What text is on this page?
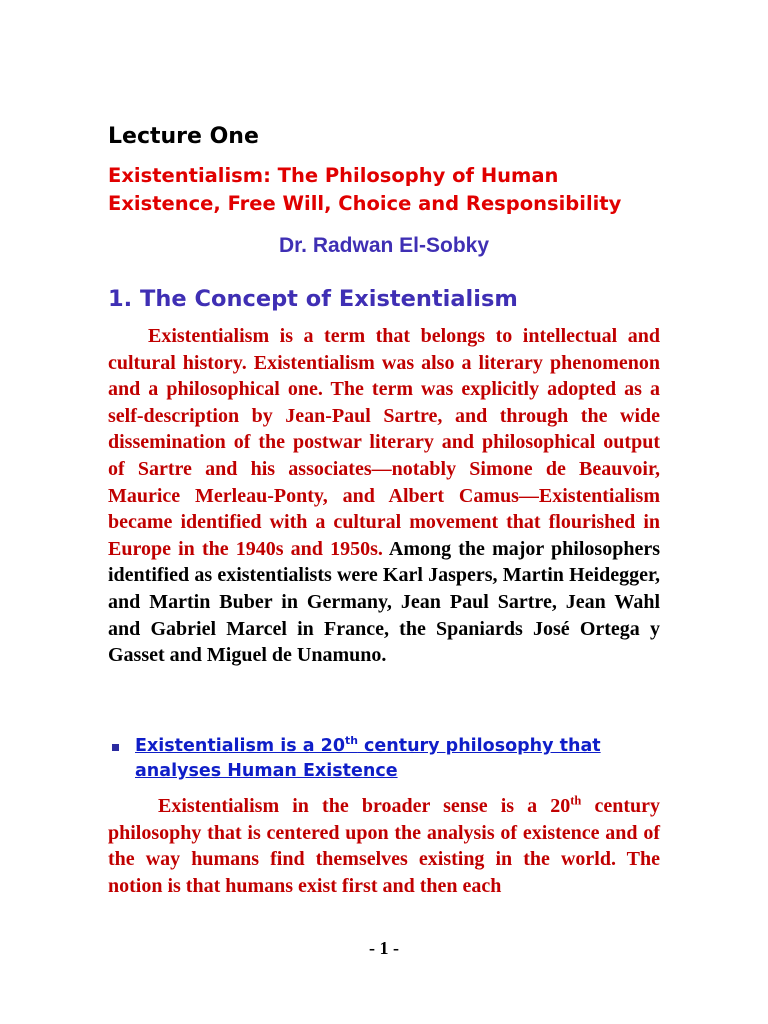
Lecture One
Existentialism: The Philosophy of Human Existence, Free Will, Choice and Responsibility

Dr. Radwan El-Sobky

1. The Concept of Existentialism

Existentialism is a term that belongs to intellectual and cultural history. Existentialism was also a literary phenomenon and a philosophical one. The term was explicitly adopted as a self-description by Jean-Paul Sartre, and through the wide dissemination of the postwar literary and philosophical output of Sartre and his associates—notably Simone de Beauvoir, Maurice Merleau-Ponty, and Albert Camus—Existentialism became identified with a cultural movement that flourished in Europe in the 1940s and 1950s. Among the major philosophers identified as existentialists were Karl Jaspers, Martin Heidegger, and Martin Buber in Germany, Jean Paul Sartre, Jean Wahl and Gabriel Marcel in France, the Spaniards José Ortega y Gasset and Miguel de Unamuno.

Existentialism is a 20th century philosophy that analyses Human Existence

Existentialism in the broader sense is a 20th century philosophy that is centered upon the analysis of existence and of the way humans find themselves existing in the world. The notion is that humans exist first and then each

- 1 -
